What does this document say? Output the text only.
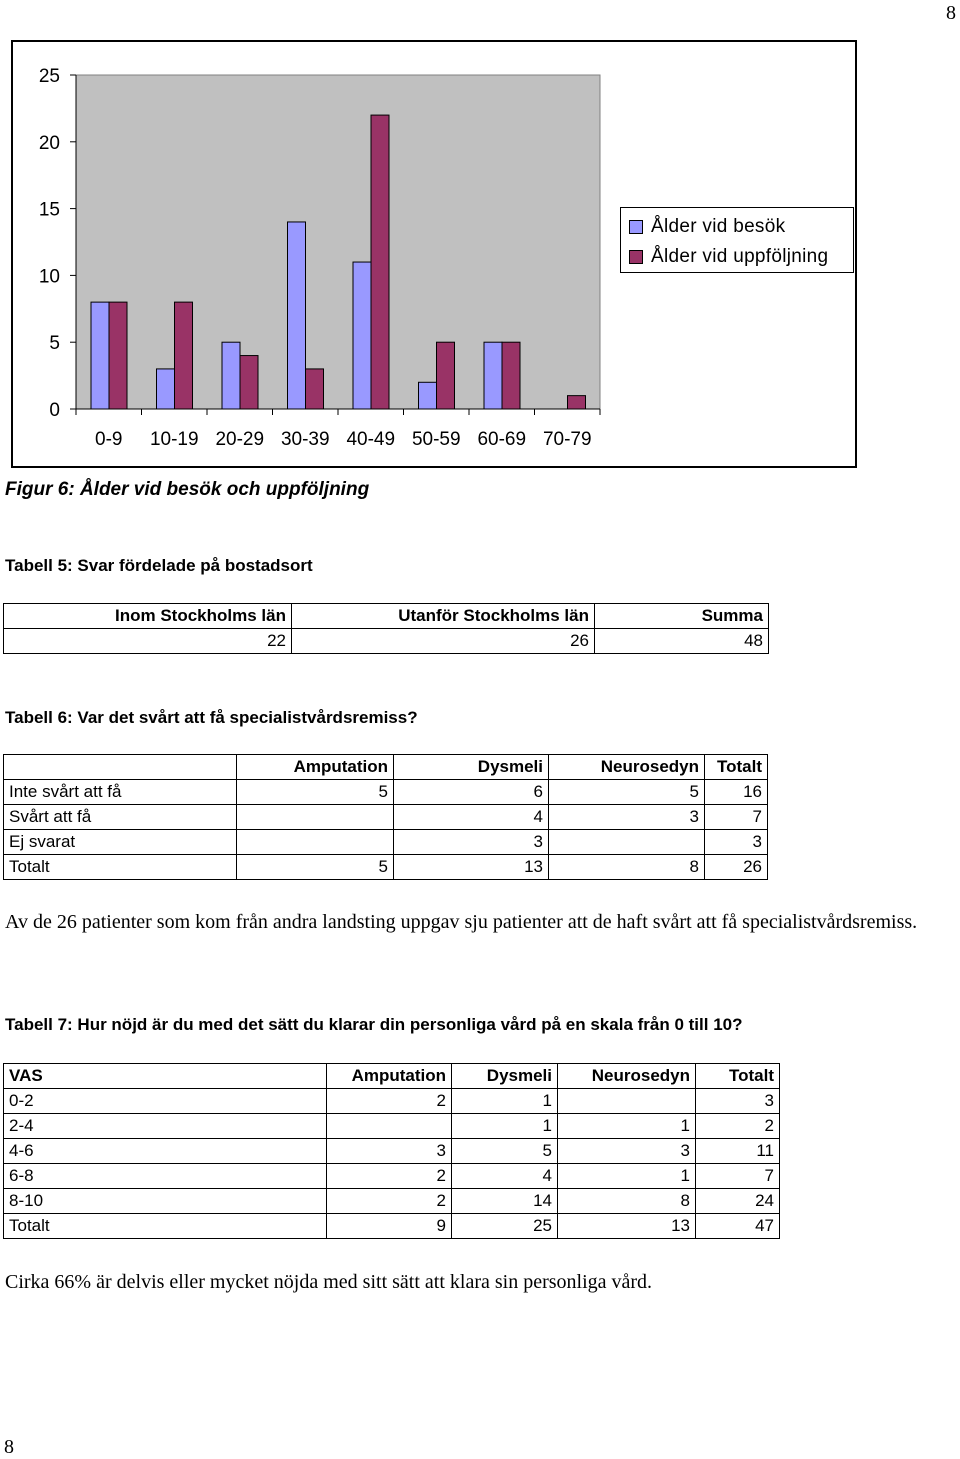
8
0
5
10
15
20
25
0-9 10-19 20-29 30-39 40-49 50-59 60-69 70-79
Ålder vid besök
Ålder vid uppföljning
Figur 6: Ålder vid besök och uppföljning
Tabell 5: Svar fördelade på bostadsort
Inom Stockholms län	Utanför Stockholms län	Summa
22	26	48
Tabell 6: Var det svårt att få specialistvårdsremiss?
	Amputation	Dysmeli	Neurosedyn	Totalt
Inte svårt att få	5	6	5	16
Svårt att få		4	3	7
Ej svarat		3		3
Totalt	5	13	8	26
Av de 26 patienter som kom från andra landsting uppgav sju patienter att de haft svårt att få specialistvårdsremiss.
Tabell 7: Hur nöjd är du med det sätt du klarar din personliga vård på en skala från 0 till 10?
VAS	Amputation	Dysmeli	Neurosedyn	Totalt
0-2	2	1		3
2-4		1	1	2
4-6	3	5	3	11
6-8	2	4	1	7
8-10	2	14	8	24
Totalt	9	25	13	47
Cirka 66% är delvis eller mycket nöjda med sitt sätt att klara sin personliga vård.
8
